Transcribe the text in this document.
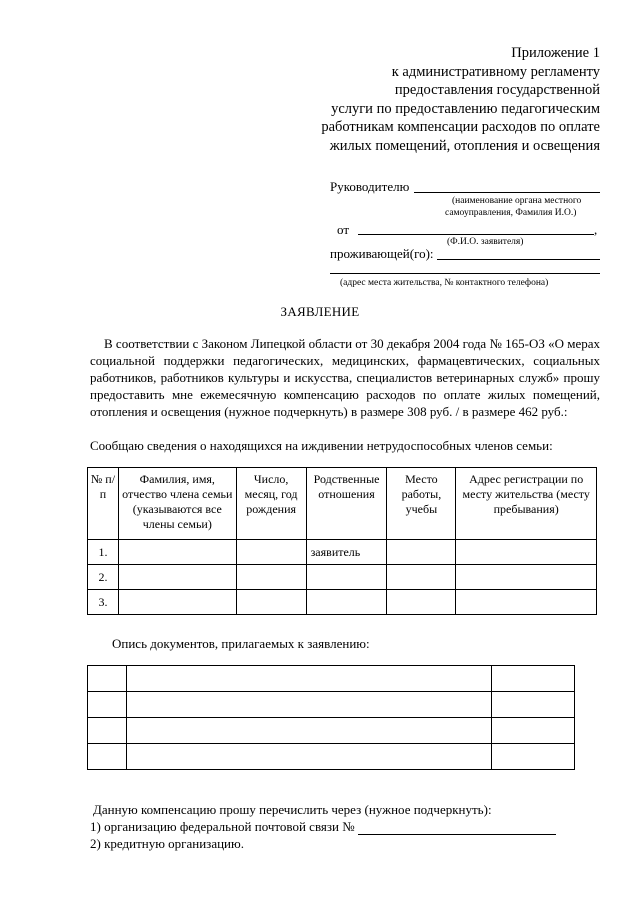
Приложение 1
к административному регламенту
предоставления государственной
услуги по предоставлению педагогическим
работникам компенсации расходов по оплате
жилых помещений, отопления и освещения
Руководителю
(наименование органа местного
самоуправления, Фамилия И.О.)
от	,
(Ф.И.О. заявителя)
проживающей(го):
(адрес места жительства, № контактного телефона)
ЗАЯВЛЕНИЕ
В соответствии с Законом Липецкой области от 30 декабря 2004 года № 165-ОЗ «О мерах социальной поддержки педагогических, медицинских, фармацевтических, социальных работников, работников культуры и искусства, специалистов ветеринарных служб» прошу предоставить мне ежемесячную компенсацию расходов по оплате жилых помещений, отопления и освещения (нужное подчеркнуть) в размере 308 руб. / в размере 462 руб.:
Сообщаю сведения о находящихся на иждивении нетрудоспособных членов семьи:
№ п/п	Фамилия, имя, отчество члена семьи (указываются все члены семьи)	Число, месяц, год рождения	Родственные отношения	Место работы, учебы	Адрес регистрации по месту жительства (месту пребывания)
1.			заявитель		
2.					
3.					
Опись документов, прилагаемых к заявлению:

Данную компенсацию прошу перечислить через (нужное подчеркнуть):
1) организацию федеральной почтовой связи №
2) кредитную организацию.
